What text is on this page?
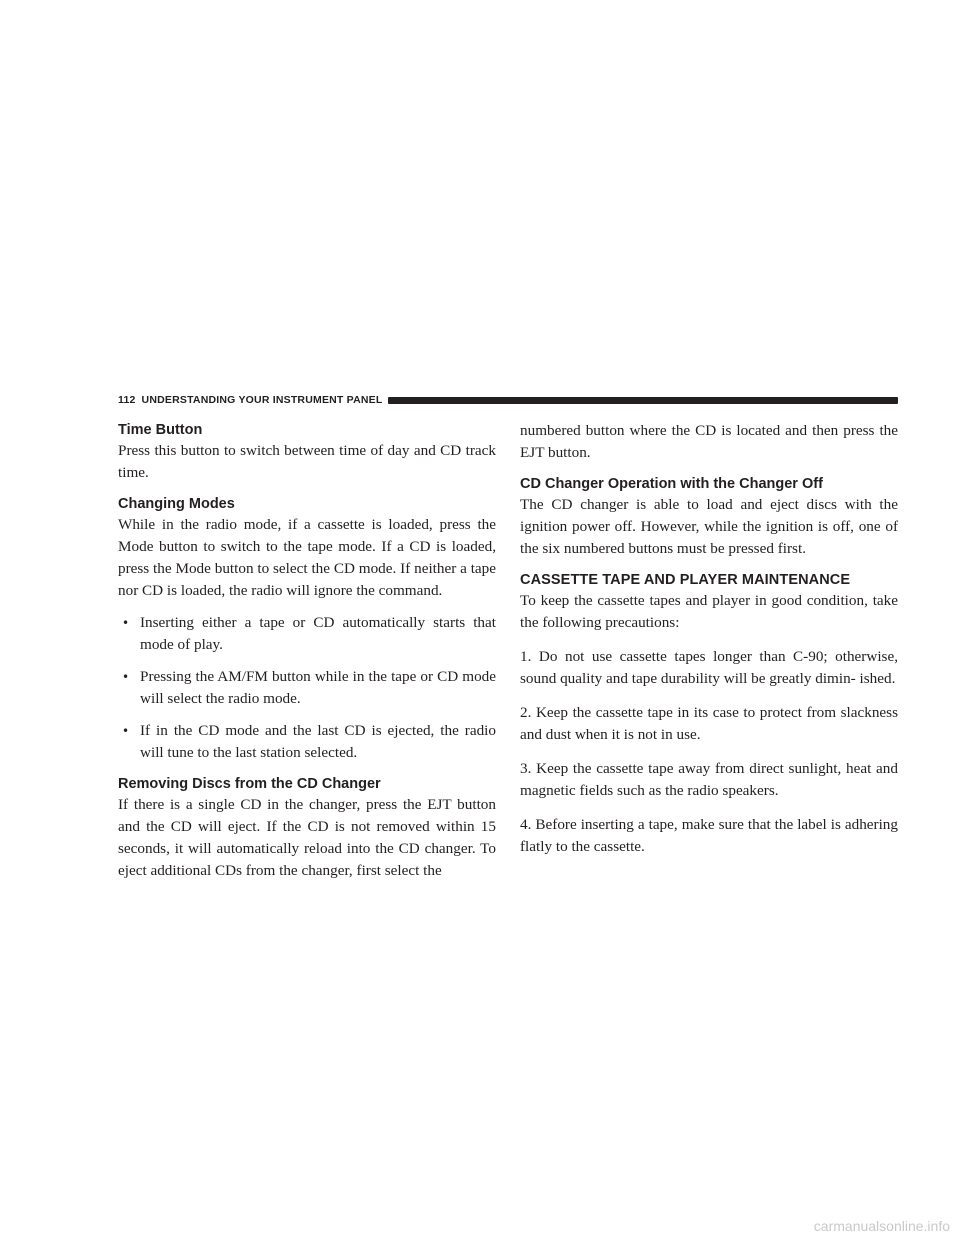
112 UNDERSTANDING YOUR INSTRUMENT PANEL
Time Button

Press this button to switch between time of day and CD track time.

Changing Modes

While in the radio mode, if a cassette is loaded, press the Mode button to switch to the tape mode. If a CD is loaded, press the Mode button to select the CD mode. If neither a tape nor CD is loaded, the radio will ignore the command.

• Inserting either a tape or CD automatically starts that mode of play.
• Pressing the AM/FM button while in the tape or CD mode will select the radio mode.
• If in the CD mode and the last CD is ejected, the radio will tune to the last station selected.
Removing Discs from the CD Changer

If there is a single CD in the changer, press the EJT button and the CD will eject. If the CD is not removed within 15 seconds, it will automatically reload into the CD changer. To eject additional CDs from the changer, first select the

numbered button where the CD is located and then press the EJT button.

CD Changer Operation with the Changer Off

The CD changer is able to load and eject discs with the ignition power off. However, while the ignition is off, one of the six numbered buttons must be pressed first.

CASSETTE TAPE AND PLAYER MAINTENANCE

To keep the cassette tapes and player in good condition, take the following precautions:

1. Do not use cassette tapes longer than C-90; otherwise, sound quality and tape durability will be greatly dimin- ished.

2. Keep the cassette tape in its case to protect from slackness and dust when it is not in use.

3. Keep the cassette tape away from direct sunlight, heat and magnetic fields such as the radio speakers.

4. Before inserting a tape, make sure that the label is adhering flatly to the cassette.

carmanualsonline.info
